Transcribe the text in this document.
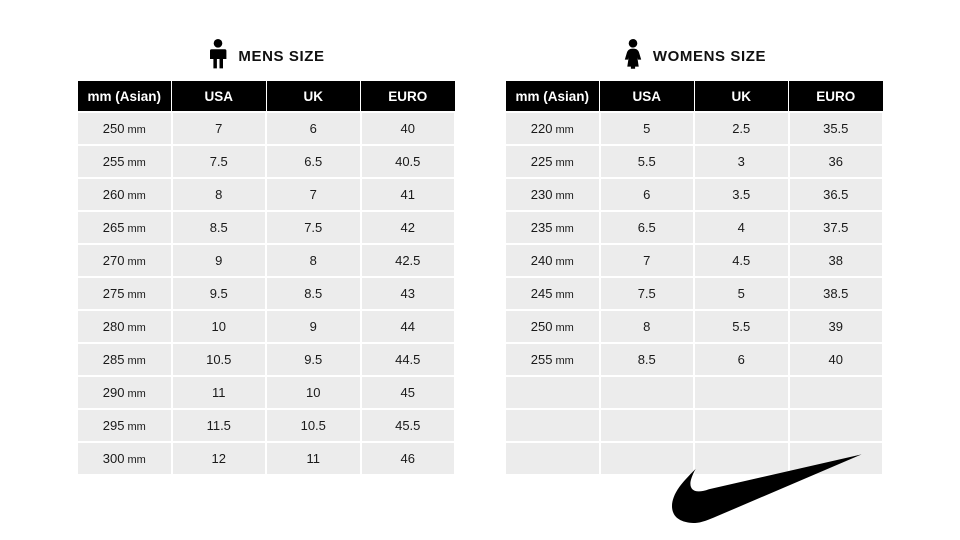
MENS SIZE
mm (Asian)	USA	UK	EURO
250 mm	7	6	40
255 mm	7.5	6.5	40.5
260 mm	8	7	41
265 mm	8.5	7.5	42
270 mm	9	8	42.5
275 mm	9.5	8.5	43
280 mm	10	9	44
285 mm	10.5	9.5	44.5
290 mm	11	10	45
295 mm	11.5	10.5	45.5
300 mm	12	11	46
WOMENS SIZE
mm (Asian)	USA	UK	EURO
220 mm	5	2.5	35.5
225 mm	5.5	3	36
230 mm	6	3.5	36.5
235 mm	6.5	4	37.5
240 mm	7	4.5	38
245 mm	7.5	5	38.5
250 mm	8	5.5	39
255 mm	8.5	6	40
